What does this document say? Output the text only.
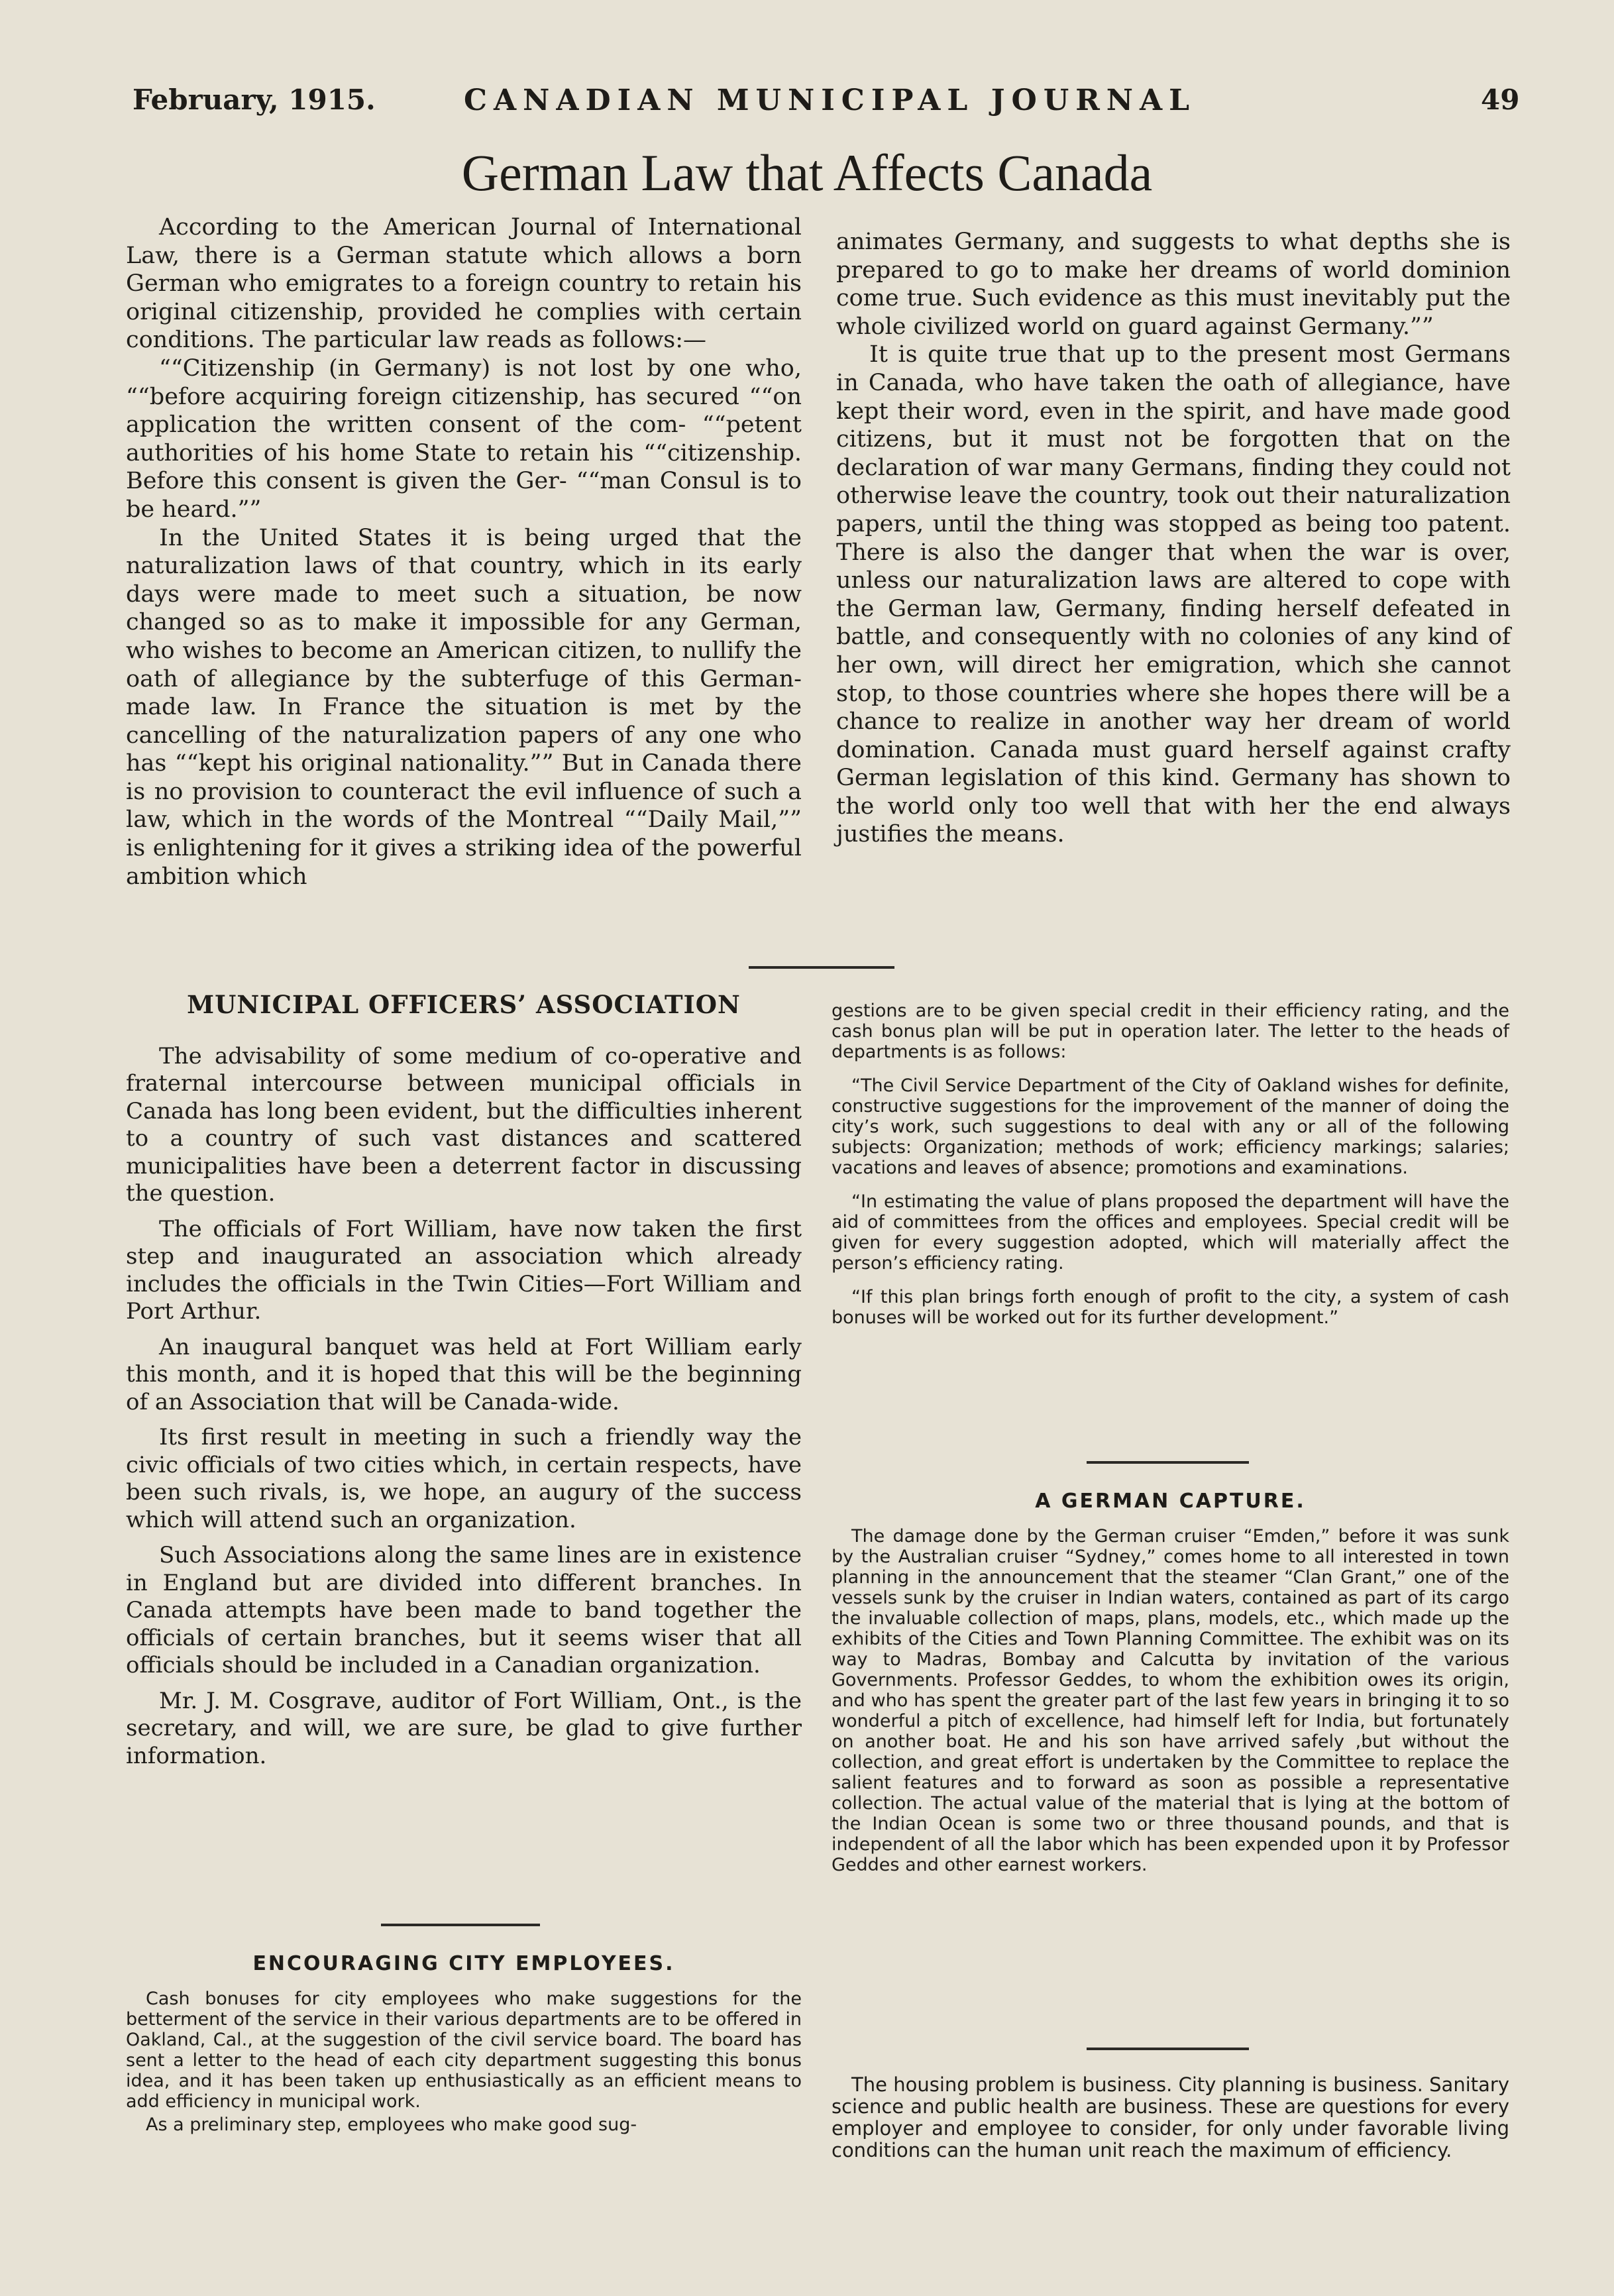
February, 1915.	CANADIAN MUNICIPAL JOURNAL	49
German Law that Affects Canada

According to the American Journal of International Law, there is a German statute which allows a born German who emigrates to a foreign country to retain his original citizenship, provided he complies with certain conditions. The particular law reads as follows:—

““Citizenship (in Germany) is not lost by one who, ““before acquiring foreign citizenship, has secured ““on application the written consent of the com- ““petent authorities of his home State to retain his ““citizenship. Before this consent is given the Ger- ““man Consul is to be heard.””

In the United States it is being urged that the naturalization laws of that country, which in its early days were made to meet such a situation, be now changed so as to make it impossible for any German, who wishes to become an American citizen, to nullify the oath of allegiance by the subterfuge of this German-made law. In France the situation is met by the cancelling of the naturalization papers of any one who has ““kept his original nationality.”” But in Canada there is no provision to counteract the evil influence of such a law, which in the words of the Montreal ““Daily Mail,”” is enlightening for it gives a striking idea of the powerful ambition which

animates Germany, and suggests to what depths she is prepared to go to make her dreams of world dominion come true. Such evidence as this must inevitably put the whole civilized world on guard against Germany.””

It is quite true that up to the present most Germans in Canada, who have taken the oath of allegiance, have kept their word, even in the spirit, and have made good citizens, but it must not be forgotten that on the declaration of war many Germans, finding they could not otherwise leave the country, took out their naturalization papers, until the thing was stopped as being too patent. There is also the danger that when the war is over, unless our naturalization laws are altered to cope with the German law, Germany, finding herself defeated in battle, and consequently with no colonies of any kind of her own, will direct her emigration, which she cannot stop, to those countries where she hopes there will be a chance to realize in another way her dream of world domination. Canada must guard herself against crafty German legislation of this kind. Germany has shown to the world only too well that with her the end always justifies the means.

MUNICIPAL OFFICERS’ ASSOCIATION

The advisability of some medium of co-operative and fraternal intercourse between municipal officials in Canada has long been evident, but the difficulties inherent to a country of such vast distances and scattered municipalities have been a deterrent factor in discussing the question.

The officials of Fort William, have now taken the first step and inaugurated an association which already includes the officials in the Twin Cities—Fort William and Port Arthur.

An inaugural banquet was held at Fort William early this month, and it is hoped that this will be the beginning of an Association that will be Canada-wide.

Its first result in meeting in such a friendly way the civic officials of two cities which, in certain respects, have been such rivals, is, we hope, an augury of the success which will attend such an organization.

Such Associations along the same lines are in existence in England but are divided into different branches. In Canada attempts have been made to band together the officials of certain branches, but it seems wiser that all officials should be included in a Canadian organization.

Mr. J. M. Cosgrave, auditor of Fort William, Ont., is the secretary, and will, we are sure, be glad to give further information.

ENCOURAGING CITY EMPLOYEES.

Cash bonuses for city employees who make suggestions for the betterment of the service in their various departments are to be offered in Oakland, Cal., at the suggestion of the civil service board. The board has sent a letter to the head of each city department suggesting this bonus idea, and it has been taken up enthusiastically as an efficient means to add efficiency in municipal work.

As a preliminary step, employees who make good sug-

gestions are to be given special credit in their efficiency rating, and the cash bonus plan will be put in operation later. The letter to the heads of departments is as follows:

“The Civil Service Department of the City of Oakland wishes for definite, constructive suggestions for the improvement of the manner of doing the city’s work, such suggestions to deal with any or all of the following subjects: Organization; methods of work; efficiency markings; salaries; vacations and leaves of absence; promotions and examinations.

“In estimating the value of plans proposed the department will have the aid of committees from the offices and employees. Special credit will be given for every suggestion adopted, which will materially affect the person’s efficiency rating.

“If this plan brings forth enough of profit to the city, a system of cash bonuses will be worked out for its further development.”

A GERMAN CAPTURE.

The damage done by the German cruiser “Emden,” before it was sunk by the Australian cruiser “Sydney,” comes home to all interested in town planning in the announcement that the steamer “Clan Grant,” one of the vessels sunk by the cruiser in Indian waters, contained as part of its cargo the invaluable collection of maps, plans, models, etc., which made up the exhibits of the Cities and Town Planning Committee. The exhibit was on its way to Madras, Bombay and Calcutta by invitation of the various Governments. Professor Geddes, to whom the exhibition owes its origin, and who has spent the greater part of the last few years in bringing it to so wonderful a pitch of excellence, had himself left for India, but fortunately on another boat. He and his son have arrived safely ,but without the collection, and great effort is undertaken by the Committee to replace the salient features and to forward as soon as possible a representative collection. The actual value of the material that is lying at the bottom of the Indian Ocean is some two or three thousand pounds, and that is independent of all the labor which has been expended upon it by Professor Geddes and other earnest workers.

The housing problem is business. City planning is business. Sanitary science and public health are business. These are questions for every employer and employee to consider, for only under favorable living conditions can the human unit reach the maximum of efficiency.
